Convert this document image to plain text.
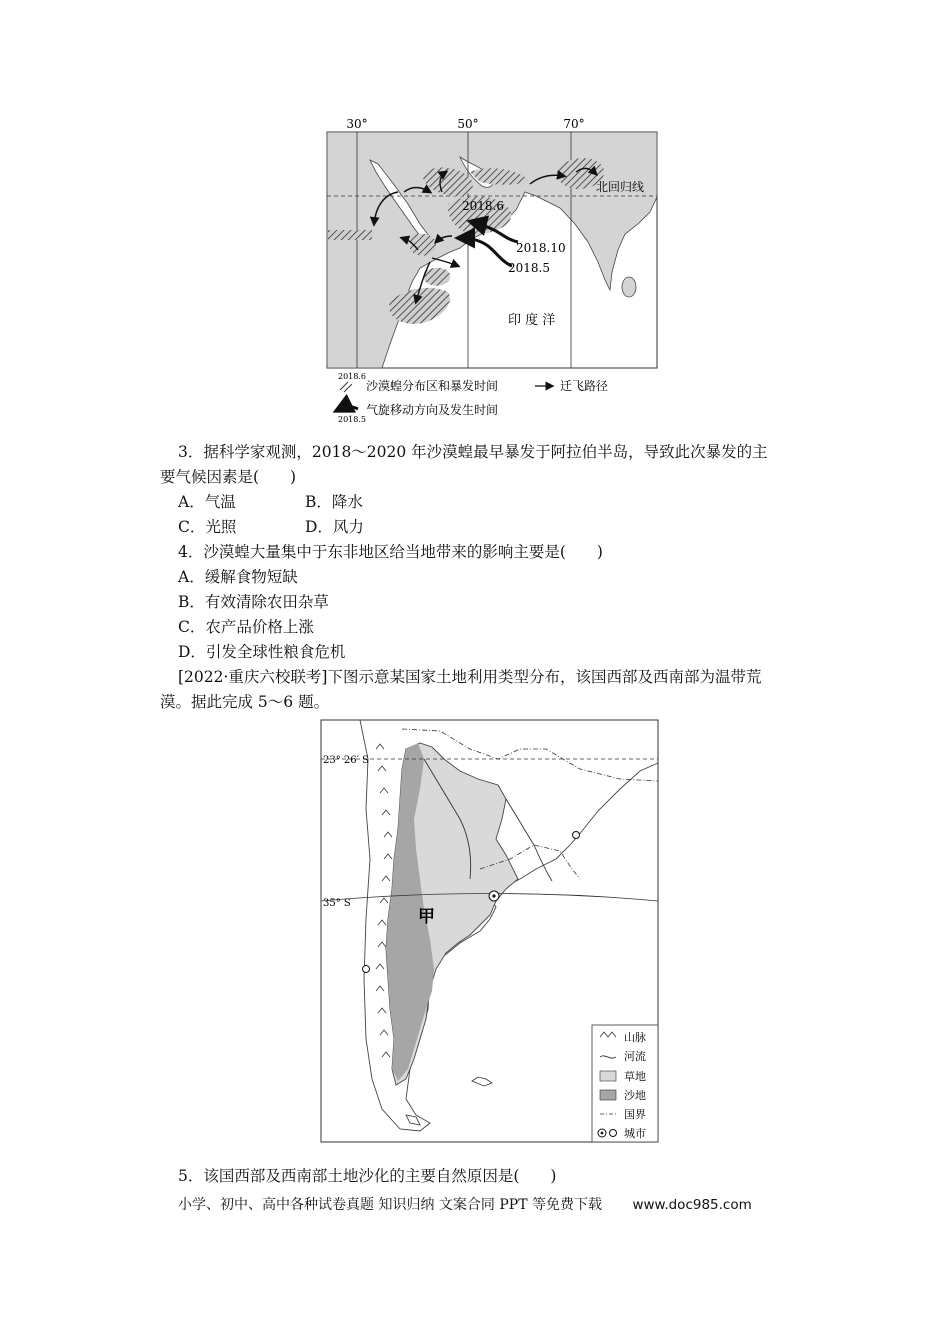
30°	50°	70°
北回归线
2018.6
2018.10
2018.5
印 度 洋
2018.6
沙漠蝗分布区和暴发时间	迁飞路径
2018.5
气旋移动方向及发生时间
3．据科学家观测，2018～2020 年沙漠蝗最早暴发于阿拉伯半岛，导致此次暴发的主
要气候因素是(　　)
A．气温	B．降水
C．光照	D．风力
4．沙漠蝗大量集中于东非地区给当地带来的影响主要是(　　)
A．缓解食物短缺
B．有效清除农田杂草
C．农产品价格上涨
D．引发全球性粮食危机
[2022·重庆六校联考]下图示意某国家土地利用类型分布，该国西部及西南部为温带荒
漠。据此完成 5～6 题。
23° 26′ S
35° S
甲
山脉
河流
草地
沙地
国界
城市
5．该国西部及西南部土地沙化的主要自然原因是(　　)
小学、初中、高中各种试卷真题 知识归纳 文案合同 PPT 等免费下载 www.doc985.com
